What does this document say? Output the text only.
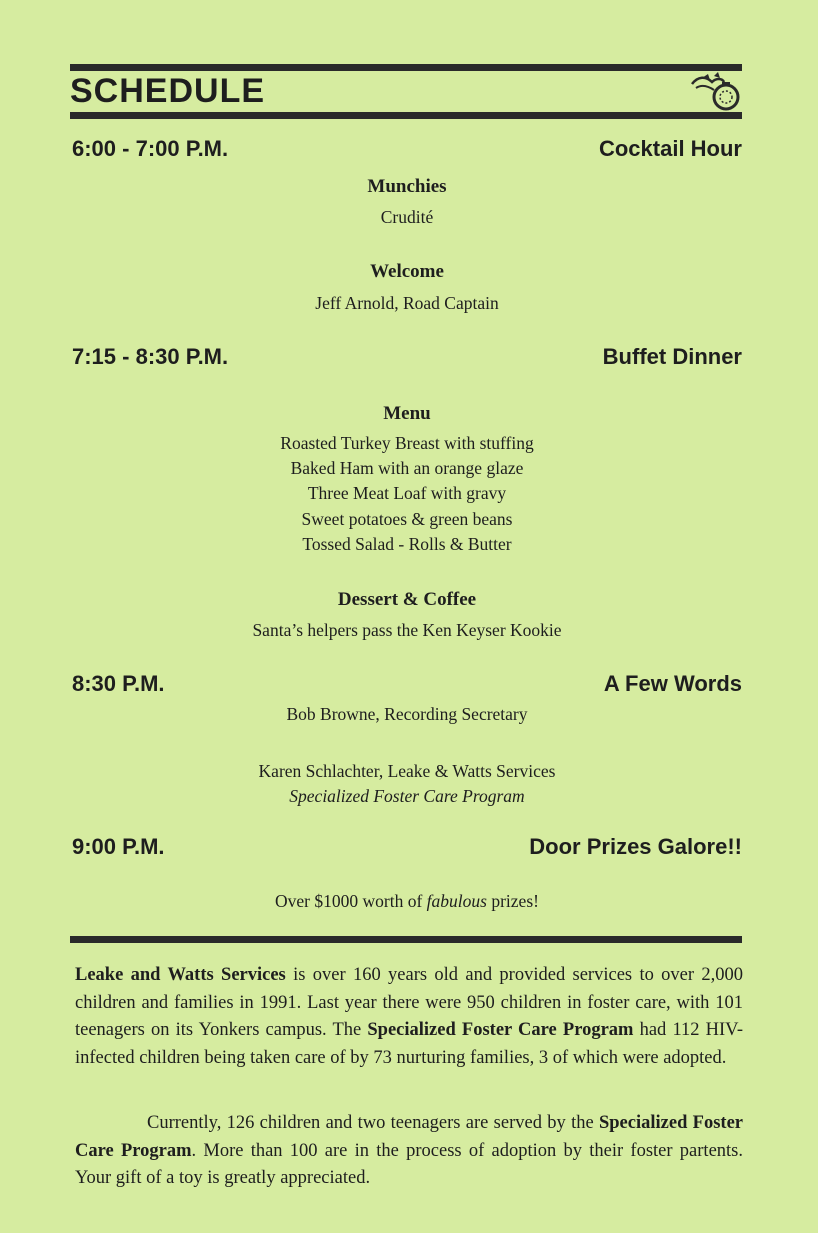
SCHEDULE
6:00 - 7:00 P.M.	Cocktail Hour
Munchies
Crudité
Welcome
Jeff Arnold, Road Captain
7:15 - 8:30 P.M.	Buffet Dinner
Menu
Roasted Turkey Breast with stuffing
Baked Ham with an orange glaze
Three Meat Loaf with gravy
Sweet potatoes & green beans
Tossed Salad - Rolls & Butter
Dessert & Coffee
Santa’s helpers pass the Ken Keyser Kookie
8:30 P.M.	A Few Words
Bob Browne, Recording Secretary
Karen Schlachter, Leake & Watts Services
Specialized Foster Care Program
9:00 P.M.	Door Prizes Galore!!
Over $1000 worth of fabulous prizes!
Leake and Watts Services is over 160 years old and provided services to over 2,000 children and families in 1991. Last year there were 950 children in foster care, with 101 teenagers on its Yonkers campus. The Specialized Foster Care Program had 112 HIV-infected children being taken care of by 73 nurturing families, 3 of which were adopted.
Currently, 126 children and two teenagers are served by the Specialized Foster Care Program. More than 100 are in the process of adoption by their foster partents. Your gift of a toy is greatly appreciated.
